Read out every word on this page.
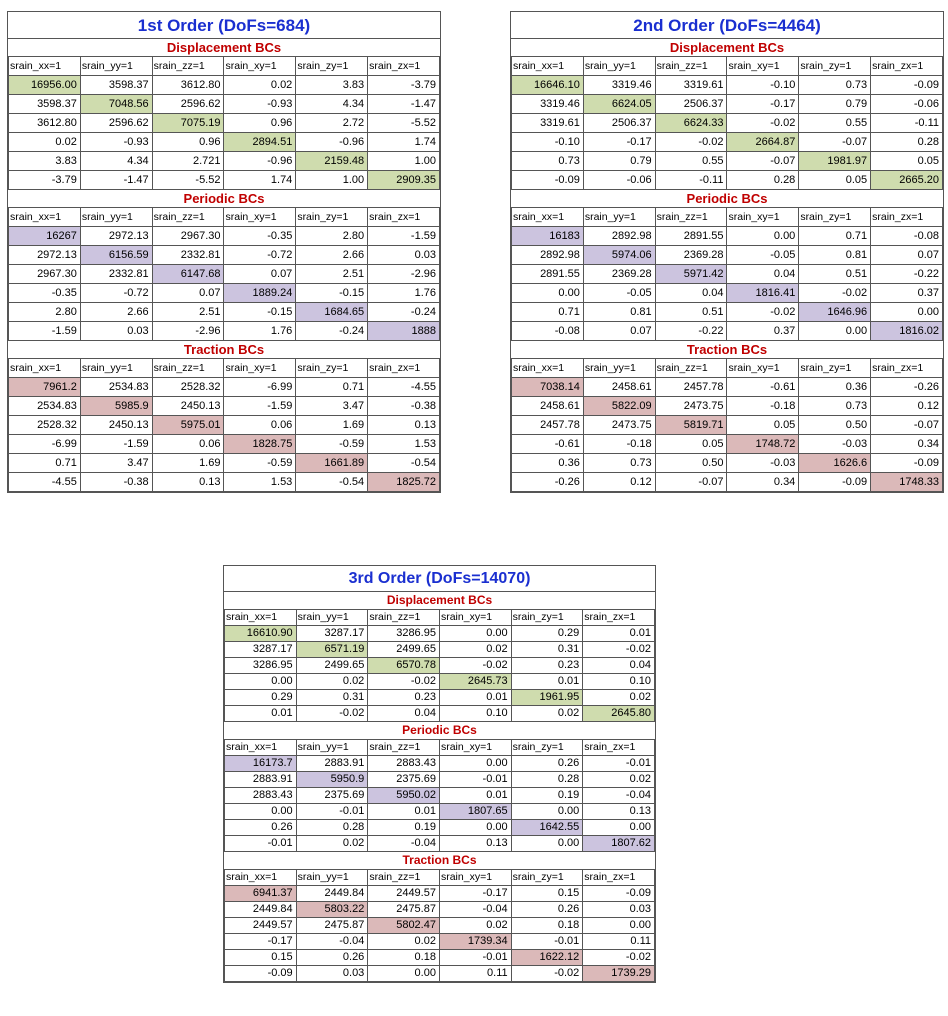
1st Order (DoFs=684)
Displacement BCs
srain_xx=1	srain_yy=1	srain_zz=1	srain_xy=1	srain_zy=1	srain_zx=1
16956.00	3598.37	3612.80	0.02	3.83	-3.79
3598.37	7048.56	2596.62	-0.93	4.34	-1.47
3612.80	2596.62	7075.19	0.96	2.72	-5.52
0.02	-0.93	0.96	2894.51	-0.96	1.74
3.83	4.34	2.721	-0.96	2159.48	1.00
-3.79	-1.47	-5.52	1.74	1.00	2909.35
Periodic BCs
srain_xx=1	srain_yy=1	srain_zz=1	srain_xy=1	srain_zy=1	srain_zx=1
16267	2972.13	2967.30	-0.35	2.80	-1.59
2972.13	6156.59	2332.81	-0.72	2.66	0.03
2967.30	2332.81	6147.68	0.07	2.51	-2.96
-0.35	-0.72	0.07	1889.24	-0.15	1.76
2.80	2.66	2.51	-0.15	1684.65	-0.24
-1.59	0.03	-2.96	1.76	-0.24	1888
Traction BCs
srain_xx=1	srain_yy=1	srain_zz=1	srain_xy=1	srain_zy=1	srain_zx=1
7961.2	2534.83	2528.32	-6.99	0.71	-4.55
2534.83	5985.9	2450.13	-1.59	3.47	-0.38
2528.32	2450.13	5975.01	0.06	1.69	0.13
-6.99	-1.59	0.06	1828.75	-0.59	1.53
0.71	3.47	1.69	-0.59	1661.89	-0.54
-4.55	-0.38	0.13	1.53	-0.54	1825.72
2nd Order (DoFs=4464)
Displacement BCs
srain_xx=1	srain_yy=1	srain_zz=1	srain_xy=1	srain_zy=1	srain_zx=1
16646.10	3319.46	3319.61	-0.10	0.73	-0.09
3319.46	6624.05	2506.37	-0.17	0.79	-0.06
3319.61	2506.37	6624.33	-0.02	0.55	-0.11
-0.10	-0.17	-0.02	2664.87	-0.07	0.28
0.73	0.79	0.55	-0.07	1981.97	0.05
-0.09	-0.06	-0.11	0.28	0.05	2665.20
Periodic BCs
srain_xx=1	srain_yy=1	srain_zz=1	srain_xy=1	srain_zy=1	srain_zx=1
16183	2892.98	2891.55	0.00	0.71	-0.08
2892.98	5974.06	2369.28	-0.05	0.81	0.07
2891.55	2369.28	5971.42	0.04	0.51	-0.22
0.00	-0.05	0.04	1816.41	-0.02	0.37
0.71	0.81	0.51	-0.02	1646.96	0.00
-0.08	0.07	-0.22	0.37	0.00	1816.02
Traction BCs
srain_xx=1	srain_yy=1	srain_zz=1	srain_xy=1	srain_zy=1	srain_zx=1
7038.14	2458.61	2457.78	-0.61	0.36	-0.26
2458.61	5822.09	2473.75	-0.18	0.73	0.12
2457.78	2473.75	5819.71	0.05	0.50	-0.07
-0.61	-0.18	0.05	1748.72	-0.03	0.34
0.36	0.73	0.50	-0.03	1626.6	-0.09
-0.26	0.12	-0.07	0.34	-0.09	1748.33
3rd Order (DoFs=14070)
Displacement BCs
srain_xx=1	srain_yy=1	srain_zz=1	srain_xy=1	srain_zy=1	srain_zx=1
16610.90	3287.17	3286.95	0.00	0.29	0.01
3287.17	6571.19	2499.65	0.02	0.31	-0.02
3286.95	2499.65	6570.78	-0.02	0.23	0.04
0.00	0.02	-0.02	2645.73	0.01	0.10
0.29	0.31	0.23	0.01	1961.95	0.02
0.01	-0.02	0.04	0.10	0.02	2645.80
Periodic BCs
srain_xx=1	srain_yy=1	srain_zz=1	srain_xy=1	srain_zy=1	srain_zx=1
16173.7	2883.91	2883.43	0.00	0.26	-0.01
2883.91	5950.9	2375.69	-0.01	0.28	0.02
2883.43	2375.69	5950.02	0.01	0.19	-0.04
0.00	-0.01	0.01	1807.65	0.00	0.13
0.26	0.28	0.19	0.00	1642.55	0.00
-0.01	0.02	-0.04	0.13	0.00	1807.62
Traction BCs
srain_xx=1	srain_yy=1	srain_zz=1	srain_xy=1	srain_zy=1	srain_zx=1
6941.37	2449.84	2449.57	-0.17	0.15	-0.09
2449.84	5803.22	2475.87	-0.04	0.26	0.03
2449.57	2475.87	5802.47	0.02	0.18	0.00
-0.17	-0.04	0.02	1739.34	-0.01	0.11
0.15	0.26	0.18	-0.01	1622.12	-0.02
-0.09	0.03	0.00	0.11	-0.02	1739.29
